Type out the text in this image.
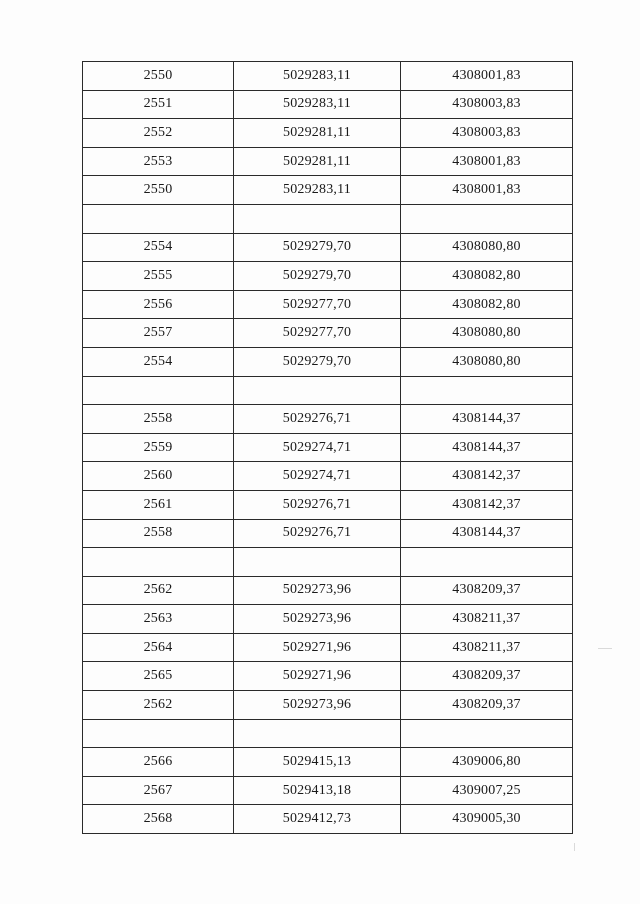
2550	5029283,11	4308001,83
2551	5029283,11	4308003,83
2552	5029281,11	4308003,83
2553	5029281,11	4308001,83
2550	5029283,11	4308001,83

2554	5029279,70	4308080,80
2555	5029279,70	4308082,80
2556	5029277,70	4308082,80
2557	5029277,70	4308080,80
2554	5029279,70	4308080,80

2558	5029276,71	4308144,37
2559	5029274,71	4308144,37
2560	5029274,71	4308142,37
2561	5029276,71	4308142,37
2558	5029276,71	4308144,37

2562	5029273,96	4308209,37
2563	5029273,96	4308211,37
2564	5029271,96	4308211,37
2565	5029271,96	4308209,37
2562	5029273,96	4308209,37

2566	5029415,13	4309006,80
2567	5029413,18	4309007,25
2568	5029412,73	4309005,30
